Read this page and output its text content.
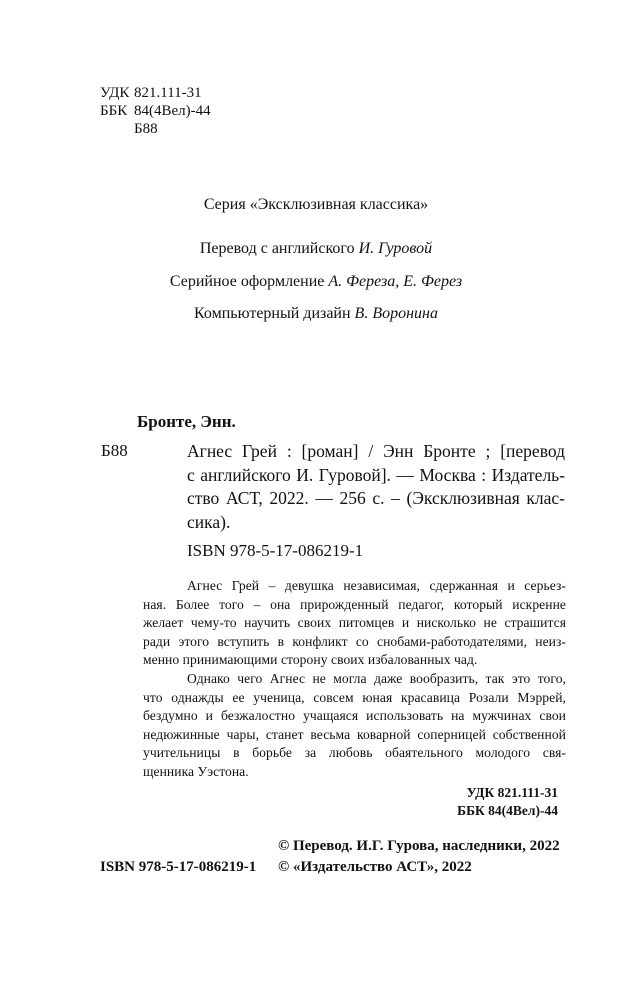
УДК 821.111-31
ББК 84(4Вел)-44
Б88
Серия «Эксклюзивная классика»
Перевод с английского И. Гуровой
Серийное оформление А. Фереза, Е. Ферез
Компьютерный дизайн В. Воронина
Бронте, Энн.
Б88	Агнес Грей : [роман] / Энн Бронте ; [перевод
с английского И. Гуровой]. — Москва : Издатель-
ство АСТ, 2022. — 256 с. – (Эксклюзивная клас-
сика).
ISBN 978-5-17-086219-1
Агнес Грей – девушка независимая, сдержанная и серьез-
ная. Более того – она прирожденный педагог, который искренне
желает чему-то научить своих питомцев и нисколько не страшится
ради этого вступить в конфликт со снобами-работодателями, неиз-
менно принимающими сторону своих избалованных чад.
Однако чего Агнес не могла даже вообразить, так это того,
что однажды ее ученица, совсем юная красавица Розали Мэррей,
бездумно и безжалостно учащаяся использовать на мужчинах свои
недюжинные чары, станет весьма коварной соперницей собственной
учительницы в борьбе за любовь обаятельного молодого свя-
щенника Уэстона.
УДК 821.111-31
ББК 84(4Вел)-44
© Перевод. И.Г. Гурова, наследники, 2022
ISBN 978-5-17-086219-1 © «Издательство АСТ», 2022
